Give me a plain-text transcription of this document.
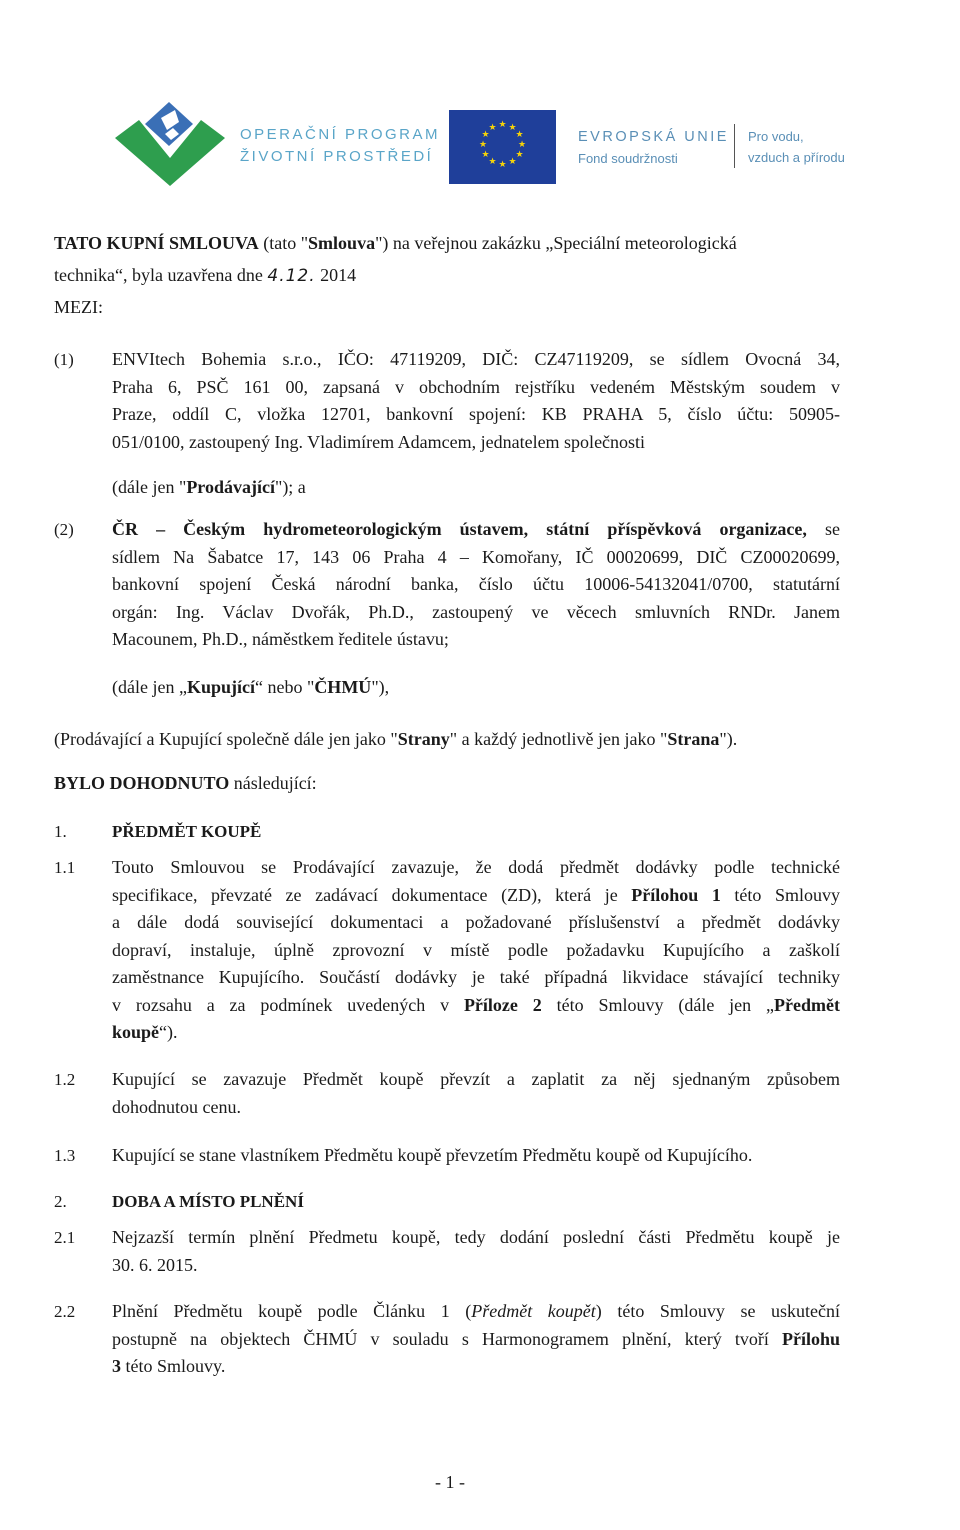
OPERAČNÍ PROGRAM
ŽIVOTNÍ PROSTŘEDÍ
★ ★
★
★
★
★
★
★
★
★
★
★
EVROPSKÁ UNIE
Fond soudržnosti
Pro vodu,
vzduch a přírodu
TATO KUPNÍ SMLOUVA (tato "Smlouva") na veřejnou zakázku „Speciální meteorologická
technika“, byla uzavřena dne 4.12. 2014
MEZI:
(1) ENVItech Bohemia s.r.o., IČO: 47119209, DIČ: CZ47119209, se sídlem Ovocná 34,
Praha 6, PSČ 161 00, zapsaná v obchodním rejstříku vedeném Městským soudem v
Praze, oddíl C, vložka 12701, bankovní spojení: KB PRAHA 5, číslo účtu: 50905-
051/0100, zastoupený Ing. Vladimírem Adamcem, jednatelem společnosti
(dále jen "Prodávající"); a
(2) ČR – Českým hydrometeorologickým ústavem, státní příspěvková organizace, se
sídlem Na Šabatce 17, 143 06 Praha 4 – Komořany, IČ 00020699, DIČ CZ00020699,
bankovní spojení Česká národní banka, číslo účtu 10006-54132041/0700, statutární
orgán: Ing. Václav Dvořák, Ph.D., zastoupený ve věcech smluvních RNDr. Janem
Macounem, Ph.D., náměstkem ředitele ústavu;
(dále jen „Kupující“ nebo "ČHMÚ"),
(Prodávající a Kupující společně dále jen jako "Strany" a každý jednotlivě jen jako "Strana").
BYLO DOHODNUTO následující:
1.	PŘEDMĚT KOUPĚ
1.1 Touto Smlouvou se Prodávající zavazuje, že dodá předmět dodávky podle technické
specifikace, převzaté ze zadávací dokumentace (ZD), která je Přílohou 1 této Smlouvy
a dále dodá související dokumentaci a požadované příslušenství a předmět dodávky
dopraví, instaluje, úplně zprovozní v místě podle požadavku Kupujícího a zaškolí
zaměstnance Kupujícího. Součástí dodávky je také případná likvidace stávající techniky
v rozsahu a za podmínek uvedených v Příloze 2 této Smlouvy (dále jen „Předmět
koupě“).
1.2 Kupující se zavazuje Předmět koupě převzít a zaplatit za něj sjednaným způsobem
dohodnutou cenu.
1.3 Kupující se stane vlastníkem Předmětu koupě převzetím Předmětu koupě od Kupujícího.
2.	DOBA A MÍSTO PLNĚNÍ
2.1 Nejzazší termín plnění Předmetu koupě, tedy dodání poslední části Předmětu koupě je
30. 6. 2015.
2.2 Plnění Předmětu koupě podle Článku 1 (Předmět koupět) této Smlouvy se uskuteční
postupně na objektech ČHMÚ v souladu s Harmonogramem plnění, který tvoří Přílohu
3 této Smlouvy.
- 1 -
